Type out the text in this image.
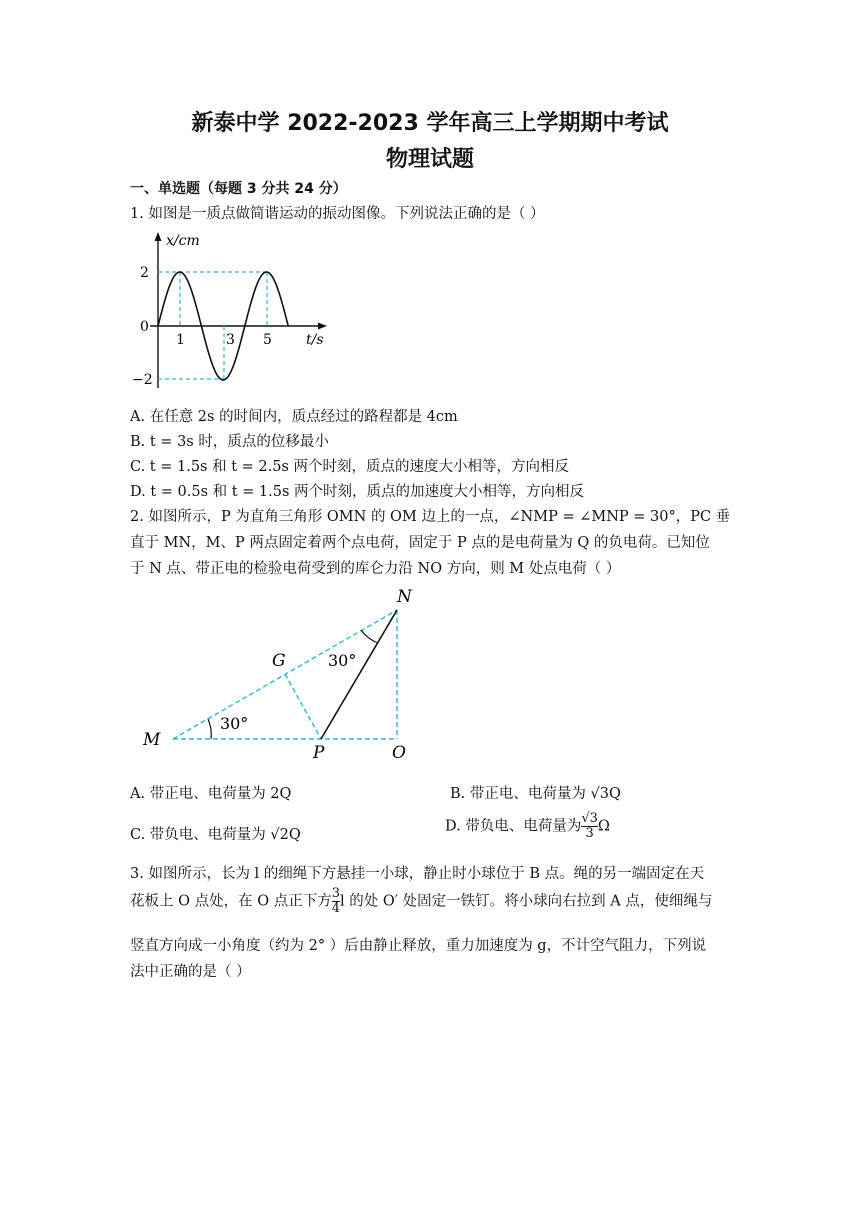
新泰中学 2022-2023 学年高三上学期期中考试
物理试题
一、单选题（每题 3 分共 24 分）
1. 如图是一质点做简谐运动的振动图像。下列说法正确的是（ ）
x/cm
2
0
−2
1	3 5 t/s
A. 在任意 2s 的时间内，质点经过的路程都是 4cm
B. t = 3s 时，质点的位移最小
C. t = 1.5s 和 t = 2.5s 两个时刻，质点的速度大小相等，方向相反
D. t = 0.5s 和 t = 1.5s 两个时刻，质点的加速度大小相等，方向相反
2. 如图所示，P 为直角三角形 OMN 的 OM 边上的一点，∠NMP = ∠MNP = 30°，PC 垂
直于 MN，M、P 两点固定着两个点电荷，固定于 P 点的是电荷量为 Q 的负电荷。已知位
于 N 点、带正电的检验电荷受到的库仑力沿 NO 方向，则 M 处点电荷（ ）
M
N
G
P	O
30°
30°
A. 带正电、电荷量为 2Q	B. 带正电、电荷量为 √3Q
C. 带负电、电荷量为 √2Q
D. 带负电、电荷量为 $\frac{√3}{3}$ Ω
3. 如图所示，长为 l 的细绳下方悬挂一小球，静止时小球位于 B 点。绳的另一端固定在天
花板上 O 点处，在 O 点正下方 $\frac{3}{4}$ l 的处 O′ 处固定一铁钉。将小球向右拉到 A 点，使细绳与
竖直方向成一小角度（约为 2° ）后由静止释放，重力加速度为 g，不计空气阻力，下列说
法中正确的是（ ）
